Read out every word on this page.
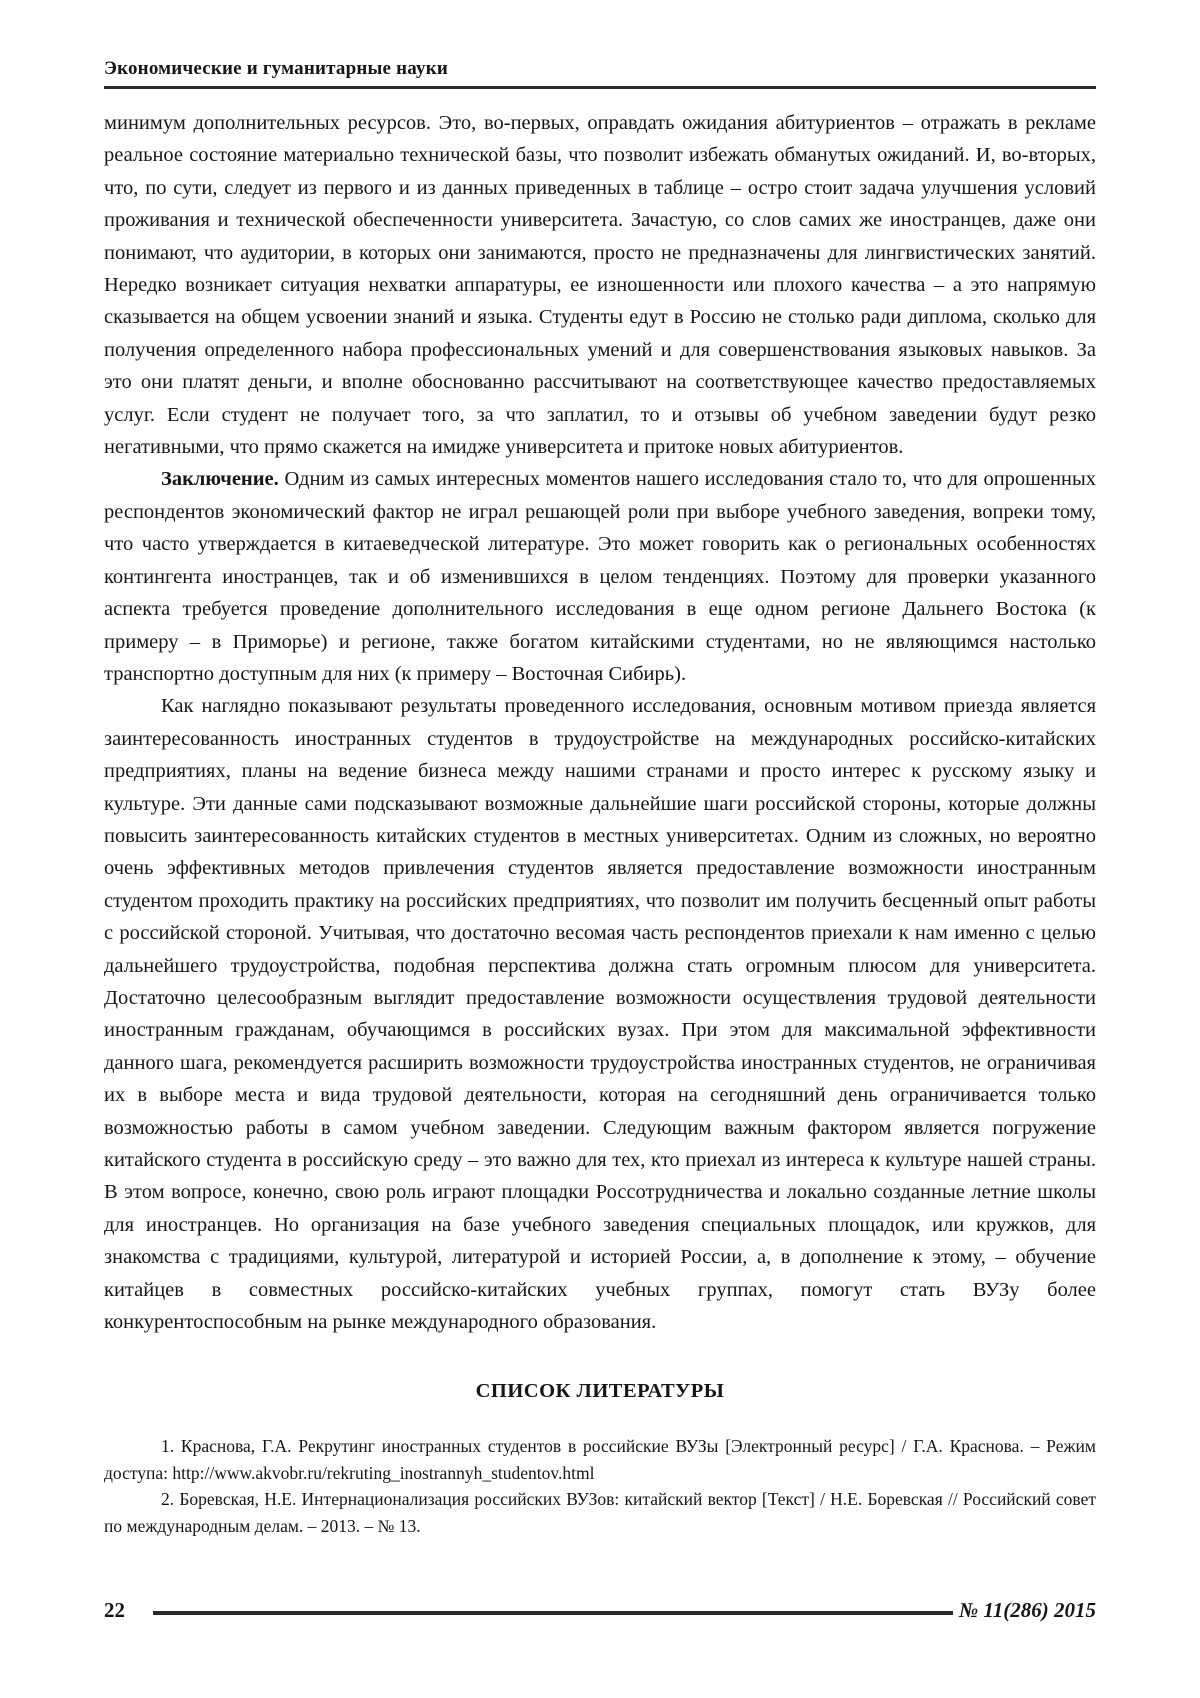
Экономические и гуманитарные науки

минимум дополнительных ресурсов. Это, во-первых, оправдать ожидания абитуриентов – отражать в рекламе реальное состояние материально технической базы, что позволит избежать обманутых ожиданий. И, во-вторых, что, по сути, следует из первого и из данных приведенных в таблице – остро стоит задача улучшения условий проживания и технической обеспеченности университета. Зачастую, со слов самих же иностранцев, даже они понимают, что аудитории, в которых они занимаются, просто не предназначены для лингвистических занятий. Нередко возникает ситуация нехватки аппаратуры, ее изношенности или плохого качества – а это напрямую сказывается на общем усвоении знаний и языка. Студенты едут в Россию не столько ради диплома, сколько для получения определенного набора профессиональных умений и для совершенствования языковых навыков. За это они платят деньги, и вполне обоснованно рассчитывают на соответствующее качество предоставляемых услуг. Если студент не получает того, за что заплатил, то и отзывы об учебном заведении будут резко негативными, что прямо скажется на имидже университета и притоке новых абитуриентов.

Заключение. Одним из самых интересных моментов нашего исследования стало то, что для опрошенных респондентов экономический фактор не играл решающей роли при выборе учебного заведения, вопреки тому, что часто утверждается в китаеведческой литературе. Это может говорить как о региональных особенностях контингента иностранцев, так и об изменившихся в целом тенденциях. Поэтому для проверки указанного аспекта требуется проведение дополнительного исследования в еще одном регионе Дальнего Востока (к примеру – в Приморье) и регионе, также богатом китайскими студентами, но не являющимся настолько транспортно доступным для них (к примеру – Восточная Сибирь).

Как наглядно показывают результаты проведенного исследования, основным мотивом приезда является заинтересованность иностранных студентов в трудоустройстве на международных российско-китайских предприятиях, планы на ведение бизнеса между нашими странами и просто интерес к русскому языку и культуре. Эти данные сами подсказывают возможные дальнейшие шаги российской стороны, которые должны повысить заинтересованность китайских студентов в местных университетах. Одним из сложных, но вероятно очень эффективных методов привлечения студентов является предоставление возможности иностранным студентом проходить практику на российских предприятиях, что позволит им получить бесценный опыт работы с российской стороной. Учитывая, что достаточно весомая часть респондентов приехали к нам именно с целью дальнейшего трудоустройства, подобная перспектива должна стать огромным плюсом для университета. Достаточно целесообразным выглядит предоставление возможности осуществления трудовой деятельности иностранным гражданам, обучающимся в российских вузах. При этом для максимальной эффективности данного шага, рекомендуется расширить возможности трудоустройства иностранных студентов, не ограничивая их в выборе места и вида трудовой деятельности, которая на сегодняшний день ограничивается только возможностью работы в самом учебном заведении. Следующим важным фактором является погружение китайского студента в российскую среду – это важно для тех, кто приехал из интереса к культуре нашей страны. В этом вопросе, конечно, свою роль играют площадки Россотрудничества и локально созданные летние школы для иностранцев. Но организация на базе учебного заведения специальных площадок, или кружков, для знакомства с традициями, культурой, литературой и историей России, а, в дополнение к этому, – обучение китайцев в совместных российско-китайских учебных группах, помогут стать ВУЗу более конкурентоспособным на рынке международного образования.

СПИСОК ЛИТЕРАТУРЫ

1. Краснова, Г.А. Рекрутинг иностранных студентов в российские ВУЗы [Электронный ресурс] / Г.А. Краснова. – Режим доступа: http://www.akvobr.ru/rekruting_inostrannyh_studentov.html

2. Боревская, Н.Е. Интернационализация российских ВУЗов: китайский вектор [Текст] / Н.Е. Боревская // Российский совет по международным делам. – 2013. – № 13.

22	№ 11(286) 2015
